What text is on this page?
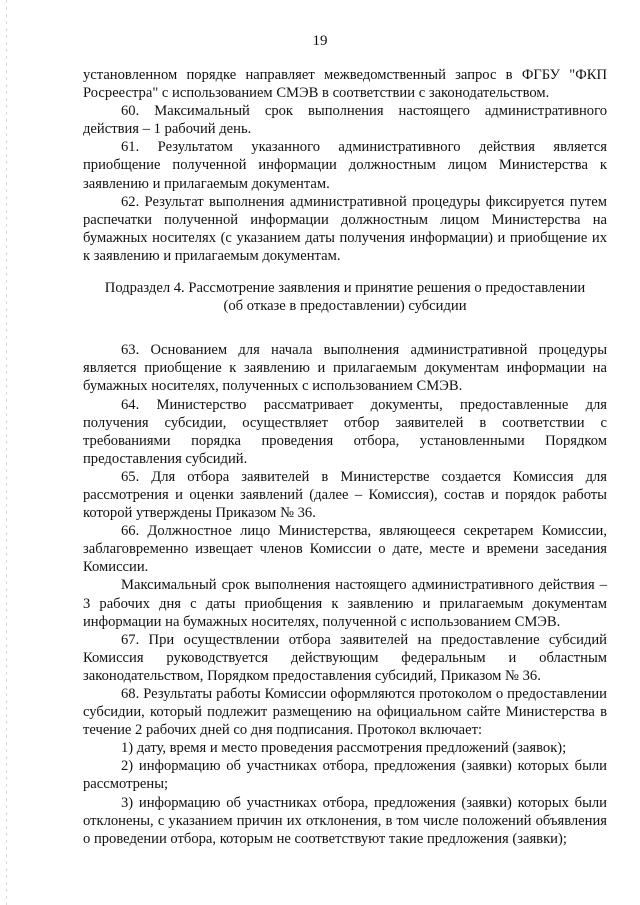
19

установленном порядке направляет межведомственный запрос в ФГБУ "ФКП Росреестра" с использованием СМЭВ в соответствии с законодательством.

60. Максимальный срок выполнения настоящего административного действия – 1 рабочий день.

61. Результатом указанного административного действия является приобщение полученной информации должностным лицом Министерства к заявлению и прилагаемым документам.

62. Результат выполнения административной процедуры фиксируется путем распечатки полученной информации должностным лицом Министерства на бумажных носителях (с указанием даты получения информации) и приобщение их к заявлению и прилагаемым документам.

Подраздел 4. Рассмотрение заявления и принятие решения о предоставлении
(об отказе в предоставлении) субсидии

63. Основанием для начала выполнения административной процедуры является приобщение к заявлению и прилагаемым документам информации на бумажных носителях, полученных с использованием СМЭВ.

64. Министерство рассматривает документы, предоставленные для получения субсидии, осуществляет отбор заявителей в соответствии с требованиями порядка проведения отбора, установленными Порядком предоставления субсидий.

65. Для отбора заявителей в Министерстве создается Комиссия для рассмотрения и оценки заявлений (далее – Комиссия), состав и порядок работы которой утверждены Приказом № 36.

66. Должностное лицо Министерства, являющееся секретарем Комиссии, заблаговременно извещает членов Комиссии о дате, месте и времени заседания Комиссии.

Максимальный срок выполнения настоящего административного действия – 3 рабочих дня с даты приобщения к заявлению и прилагаемым документам информации на бумажных носителях, полученной с использованием СМЭВ.

67. При осуществлении отбора заявителей на предоставление субсидий Комиссия руководствуется действующим федеральным и областным законодательством, Порядком предоставления субсидий, Приказом № 36.

68. Результаты работы Комиссии оформляются протоколом о предоставлении субсидии, который подлежит размещению на официальном сайте Министерства в течение 2 рабочих дней со дня подписания. Протокол включает:

1) дату, время и место проведения рассмотрения предложений (заявок);

2) информацию об участниках отбора, предложения (заявки) которых были рассмотрены;

3) информацию об участниках отбора, предложения (заявки) которых были отклонены, с указанием причин их отклонения, в том числе положений объявления о проведении отбора, которым не соответствуют такие предложения (заявки);
